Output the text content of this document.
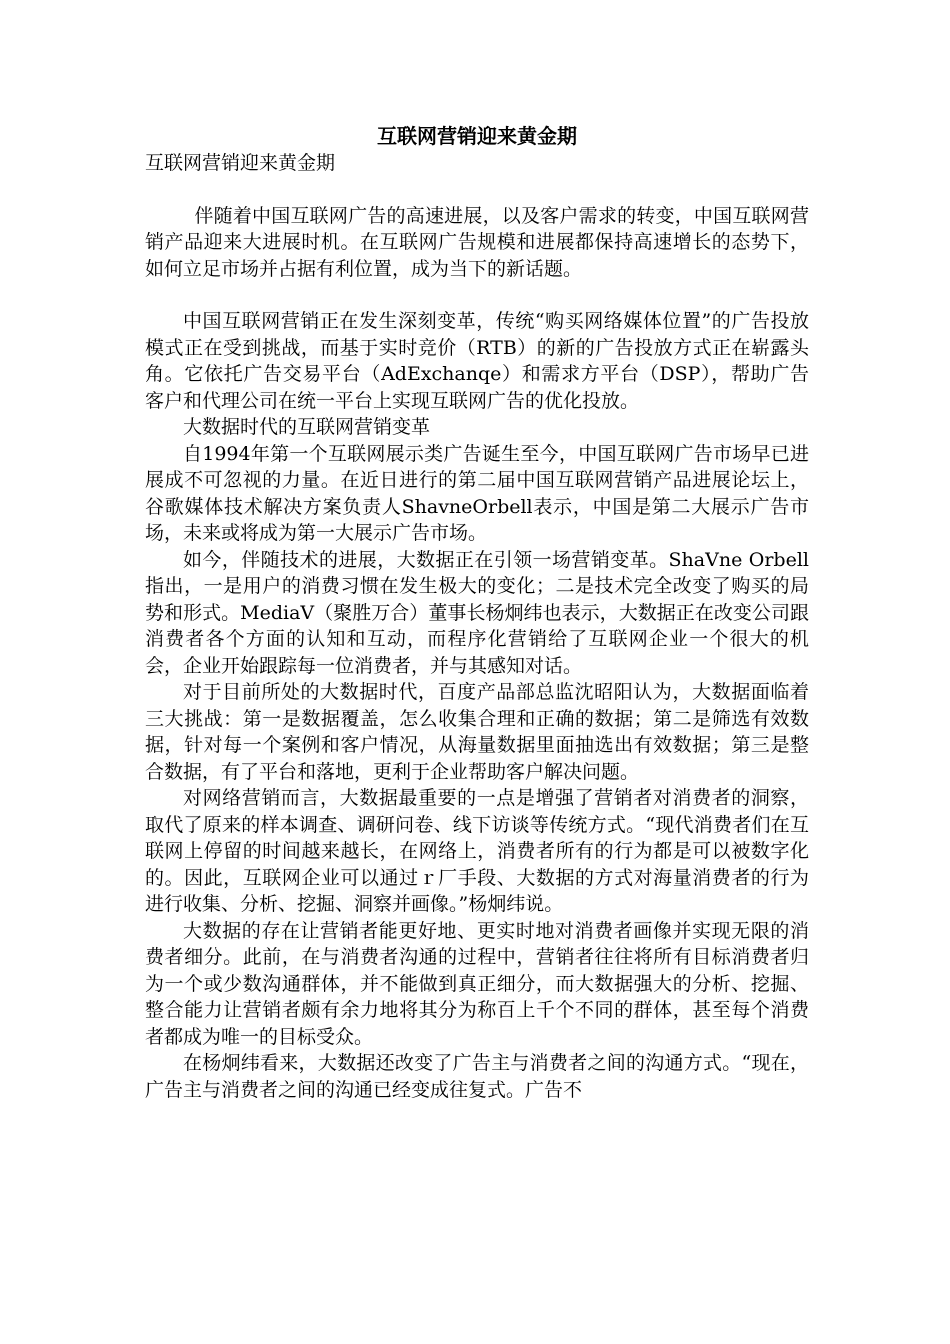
互联网营销迎来黄金期

互联网营销迎来黄金期

伴随着中国互联网广告的高速进展，以及客户需求的转变，中国互联网营销产品迎来大进展时机。在互联网广告规模和进展都保持高速增长的态势下，如何立足市场并占据有利位置，成为当下的新话题。

中国互联网营销正在发生深刻变革，传统“购买网络媒体位置”的广告投放模式正在受到挑战，而基于实时竞价（RTB）的新的广告投放方式正在崭露头角。它依托广告交易平台（AdExchanqe）和需求方平台（DSP），帮助广告客户和代理公司在统一平台上实现互联网广告的优化投放。

大数据时代的互联网营销变革

自1994年第一个互联网展示类广告诞生至今，中国互联网广告市场早已进展成不可忽视的力量。在近日进行的第二届中国互联网营销产品进展论坛上，谷歌媒体技术解决方案负责人ShavneOrbell表示，中国是第二大展示广告市场，未来或将成为第一大展示广告市场。

如今，伴随技术的进展，大数据正在引领一场营销变革。ShaVne Orbell指出，一是用户的消费习惯在发生极大的变化；二是技术完全改变了购买的局势和形式。MediaV（聚胜万合）董事长杨炯纬也表示，大数据正在改变公司跟消费者各个方面的认知和互动，而程序化营销给了互联网企业一个很大的机会，企业开始跟踪每一位消费者，并与其感知对话。

对于目前所处的大数据时代，百度产品部总监沈昭阳认为，大数据面临着三大挑战：第一是数据覆盖，怎么收集合理和正确的数据；第二是筛选有效数据，针对每一个案例和客户情况，从海量数据里面抽选出有效数据；第三是整合数据，有了平台和落地，更利于企业帮助客户解决问题。

对网络营销而言，大数据最重要的一点是增强了营销者对消费者的洞察，取代了原来的样本调查、调研问卷、线下访谈等传统方式。“现代消费者们在互联网上停留的时间越来越长，在网络上，消费者所有的行为都是可以被数字化的。因此，互联网企业可以通过ｒ厂手段、大数据的方式对海量消费者的行为进行收集、分析、挖掘、洞察并画像。”杨炯纬说。

大数据的存在让营销者能更好地、更实时地对消费者画像并实现无限的消费者细分。此前，在与消费者沟通的过程中，营销者往往将所有目标消费者归为一个或少数沟通群体，并不能做到真正细分，而大数据强大的分析、挖掘、整合能力让营销者颇有余力地将其分为称百上千个不同的群体，甚至每个消费者都成为唯一的目标受众。

在杨炯纬看来，大数据还改变了广告主与消费者之间的沟通方式。“现在，广告主与消费者之间的沟通已经变成往复式。广告不
